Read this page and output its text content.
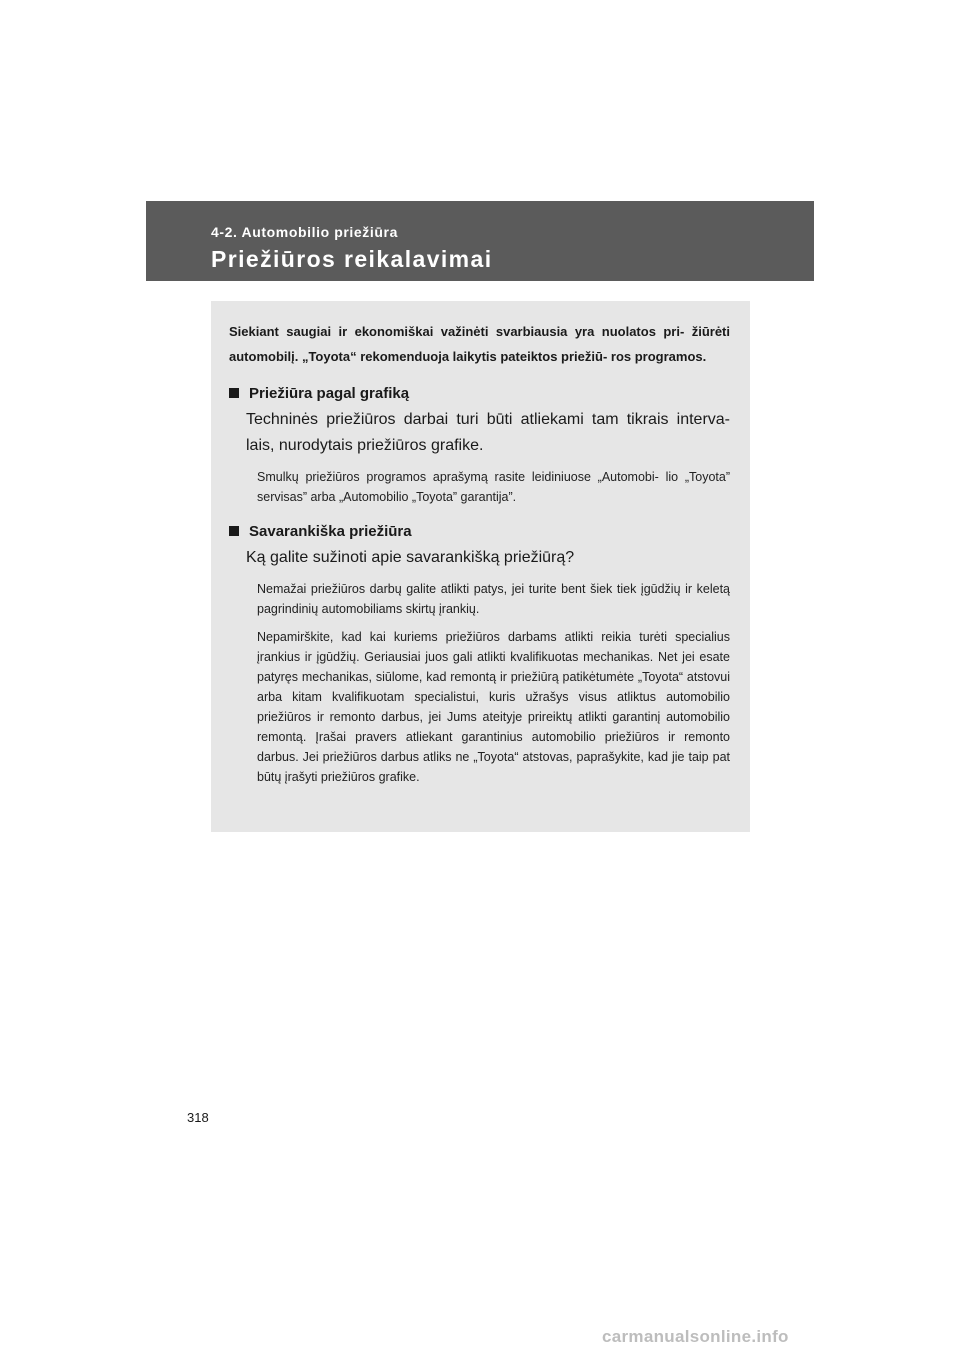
4-2. Automobilio priežiūra
Priežiūros reikalavimai

Siekiant saugiai ir ekonomiškai važinėti svarbiausia yra nuolatos pri- žiūrėti automobilį. „Toyota“ rekomenduoja laikytis pateiktos priežiū- ros programos.

Priežiūra pagal grafiką

Techninės priežiūros darbai turi būti atliekami tam tikrais interva- lais, nurodytais priežiūros grafike.

Smulkų priežiūros programos aprašymą rasite leidiniuose „Automobi- lio „Toyota” servisas” arba „Automobilio „Toyota” garantija”.

Savarankiška priežiūra

Ką galite sužinoti apie savarankišką priežiūrą?

Nemažai priežiūros darbų galite atlikti patys, jei turite bent šiek tiek įgūdžių ir keletą pagrindinių automobiliams skirtų įrankių.

Nepamirškite, kad kai kuriems priežiūros darbams atlikti reikia turėti specialius įrankius ir įgūdžių. Geriausiai juos gali atlikti kvalifikuotas mechanikas. Net jei esate patyręs mechanikas, siūlome, kad remontą ir priežiūrą patikėtumėte „Toyota“ atstovui arba kitam kvalifikuotam specialistui, kuris užrašys visus atliktus automobilio priežiūros ir remonto darbus, jei Jums ateityje prireiktų atlikti garantinį automobilio remontą. Įrašai pravers atliekant garantinius automobilio priežiūros ir remonto darbus. Jei priežiūros darbus atliks ne „Toyota“ atstovas, paprašykite, kad jie taip pat būtų įrašyti priežiūros grafike.

318
carmanualsonline.info
